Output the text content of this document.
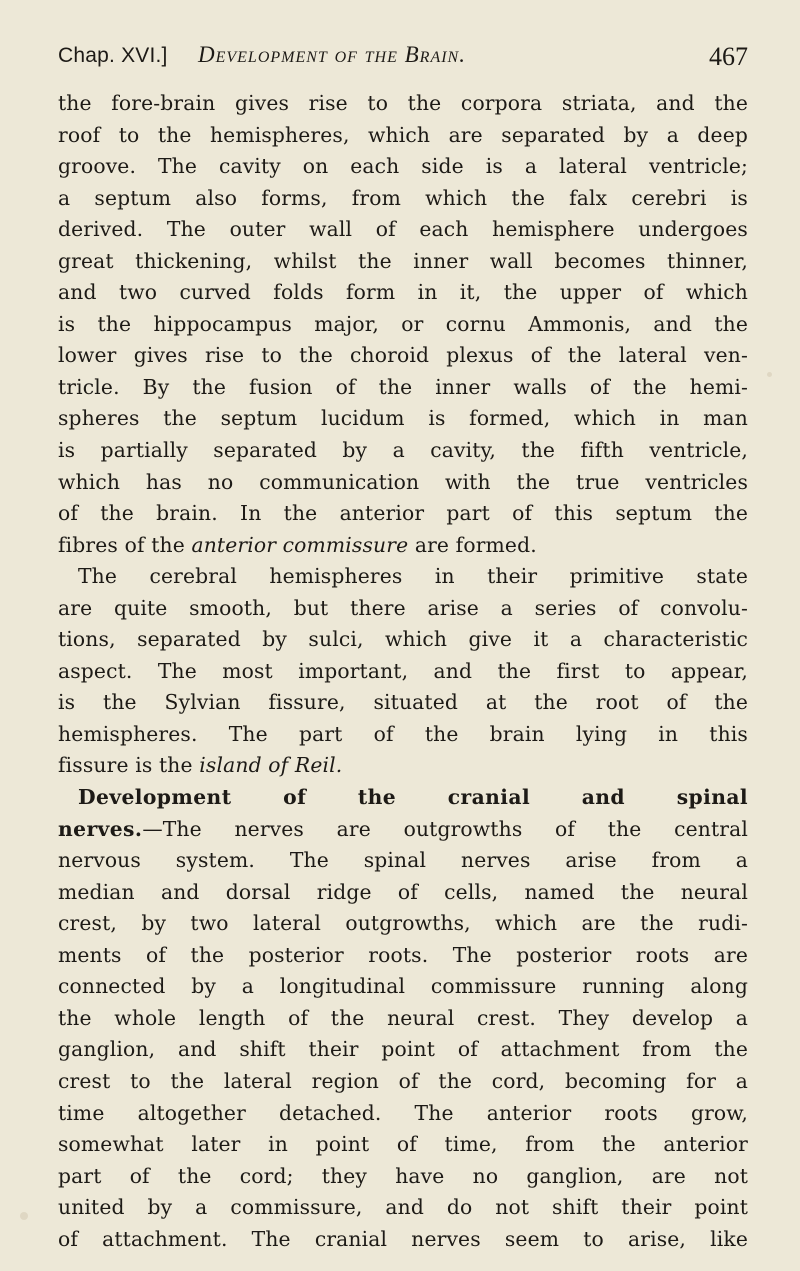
Chap. XVI.] Development of the Brain.	467
the fore-brain gives rise to the corpora striata, and the
roof to the hemispheres, which are separated by a deep
groove. The cavity on each side is a lateral ventricle;
a septum also forms, from which the falx cerebri is
derived. The outer wall of each hemisphere undergoes
great thickening, whilst the inner wall becomes thinner,
and two curved folds form in it, the upper of which
is the hippocampus major, or cornu Ammonis, and the
lower gives rise to the choroid plexus of the lateral ven-
tricle. By the fusion of the inner walls of the hemi-
spheres the septum lucidum is formed, which in man
is partially separated by a cavity, the fifth ventricle,
which has no communication with the true ventricles
of the brain. In the anterior part of this septum the
fibres of the anterior commissure are formed.
The cerebral hemispheres in their primitive state
are quite smooth, but there arise a series of convolu-
tions, separated by sulci, which give it a characteristic
aspect. The most important, and the first to appear,
is the Sylvian fissure, situated at the root of the
hemispheres. The part of the brain lying in this
fissure is the island of Reil.
Development of the cranial and spinal
nerves.—The nerves are outgrowths of the central
nervous system. The spinal nerves arise from a
median and dorsal ridge of cells, named the neural
crest, by two lateral outgrowths, which are the rudi-
ments of the posterior roots. The posterior roots are
connected by a longitudinal commissure running along
the whole length of the neural crest. They develop a
ganglion, and shift their point of attachment from the
crest to the lateral region of the cord, becoming for a
time altogether detached. The anterior roots grow,
somewhat later in point of time, from the anterior
part of the cord; they have no ganglion, are not
united by a commissure, and do not shift their point
of attachment. The cranial nerves seem to arise, like
